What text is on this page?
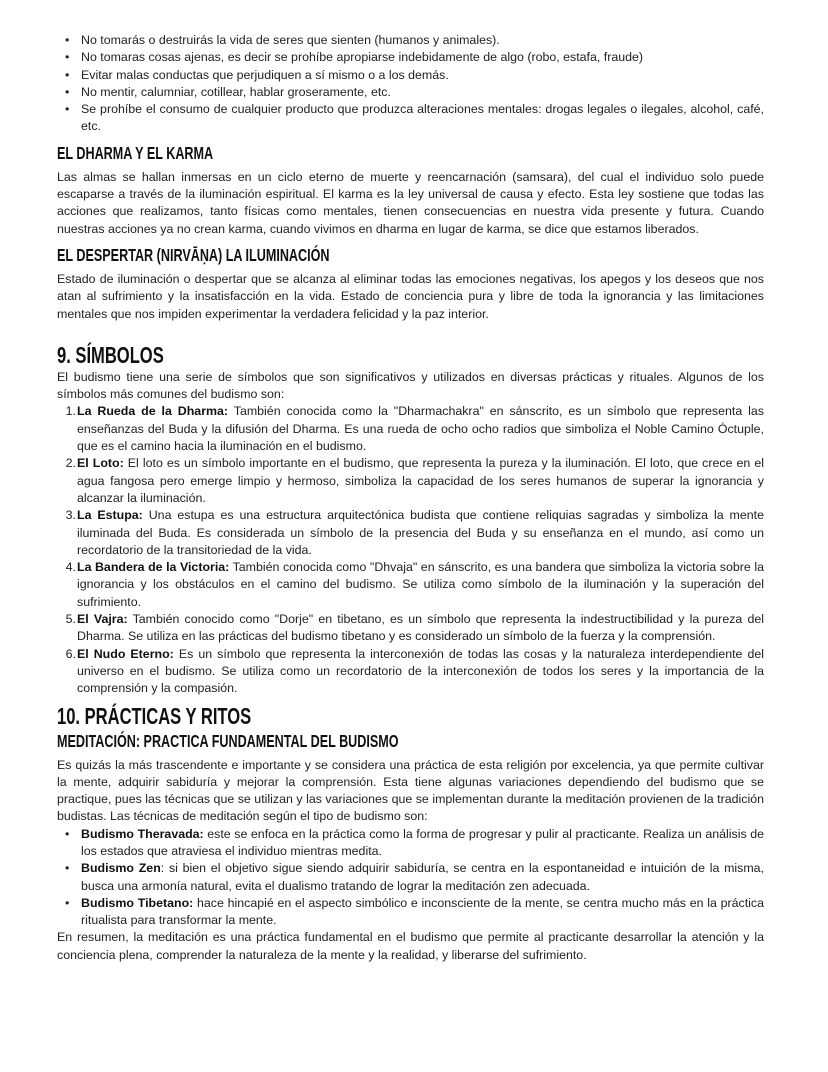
• No tomarás o destruirás la vida de seres que sienten (humanos y animales).
• No tomaras cosas ajenas, es decir se prohíbe apropiarse indebidamente de algo (robo, estafa, fraude)
• Evitar malas conductas que perjudiquen a sí mismo o a los demás.
• No mentir, calumniar, cotillear, hablar groseramente, etc.
• Se prohíbe el consumo de cualquier producto que produzca alteraciones mentales: drogas legales o ilegales, alcohol, café, etc.
EL DHARMA Y EL KARMA

Las almas se hallan inmersas en un ciclo eterno de muerte y reencarnación (samsara), del cual el individuo solo puede escaparse a través de la iluminación espiritual. El karma es la ley universal de causa y efecto. Esta ley sostiene que todas las acciones que realizamos, tanto físicas como mentales, tienen consecuencias en nuestra vida presente y futura. Cuando nuestras acciones ya no crean karma, cuando vivimos en dharma en lugar de karma, se dice que estamos liberados.

EL DESPERTAR (NIRVĀṆA) LA ILUMINACIÓN

Estado de iluminación o despertar que se alcanza al eliminar todas las emociones negativas, los apegos y los deseos que nos atan al sufrimiento y la insatisfacción en la vida. Estado de conciencia pura y libre de toda la ignorancia y las limitaciones mentales que nos impiden experimentar la verdadera felicidad y la paz interior.

9. SÍMBOLOS

El budismo tiene una serie de símbolos que son significativos y utilizados en diversas prácticas y rituales. Algunos de los símbolos más comunes del budismo son:

1. La Rueda de la Dharma: También conocida como la "Dharmachakra" en sánscrito, es un símbolo que representa las enseñanzas del Buda y la difusión del Dharma. Es una rueda de ocho ocho radios que simboliza el Noble Camino Óctuple, que es el camino hacia la iluminación en el budismo.
2. El Loto: El loto es un símbolo importante en el budismo, que representa la pureza y la iluminación. El loto, que crece en el agua fangosa pero emerge limpio y hermoso, simboliza la capacidad de los seres humanos de superar la ignorancia y alcanzar la iluminación.
3. La Estupa: Una estupa es una estructura arquitectónica budista que contiene reliquias sagradas y simboliza la mente iluminada del Buda. Es considerada un símbolo de la presencia del Buda y su enseñanza en el mundo, así como un recordatorio de la transitoriedad de la vida.
4. La Bandera de la Victoria: También conocida como "Dhvaja" en sánscrito, es una bandera que simboliza la victoria sobre la ignorancia y los obstáculos en el camino del budismo. Se utiliza como símbolo de la iluminación y la superación del sufrimiento.
5. El Vajra: También conocido como "Dorje" en tibetano, es un símbolo que representa la indestructibilidad y la pureza del Dharma. Se utiliza en las prácticas del budismo tibetano y es considerado un símbolo de la fuerza y la comprensión.
6. El Nudo Eterno: Es un símbolo que representa la interconexión de todas las cosas y la naturaleza interdependiente del universo en el budismo. Se utiliza como un recordatorio de la interconexión de todos los seres y la importancia de la comprensión y la compasión.
10. PRÁCTICAS Y RITOS
MEDITACIÓN: PRACTICA FUNDAMENTAL DEL BUDISMO

Es quizás la más trascendente e importante y se considera una práctica de esta religión por excelencia, ya que permite cultivar la mente, adquirir sabiduría y mejorar la comprensión. Esta tiene algunas variaciones dependiendo del budismo que se practique, pues las técnicas que se utilizan y las variaciones que se implementan durante la meditación provienen de la tradición budistas. Las técnicas de meditación según el tipo de budismo son:

• Budismo Theravada: este se enfoca en la práctica como la forma de progresar y pulir al practicante. Realiza un análisis de los estados que atraviesa el individuo mientras medita.
• Budismo Zen: si bien el objetivo sigue siendo adquirir sabiduría, se centra en la espontaneidad e intuición de la misma, busca una armonía natural, evita el dualismo tratando de lograr la meditación zen adecuada.
• Budismo Tibetano: hace hincapié en el aspecto simbólico e inconsciente de la mente, se centra mucho más en la práctica ritualista para transformar la mente.

En resumen, la meditación es una práctica fundamental en el budismo que permite al practicante desarrollar la atención y la conciencia plena, comprender la naturaleza de la mente y la realidad, y liberarse del sufrimiento.
